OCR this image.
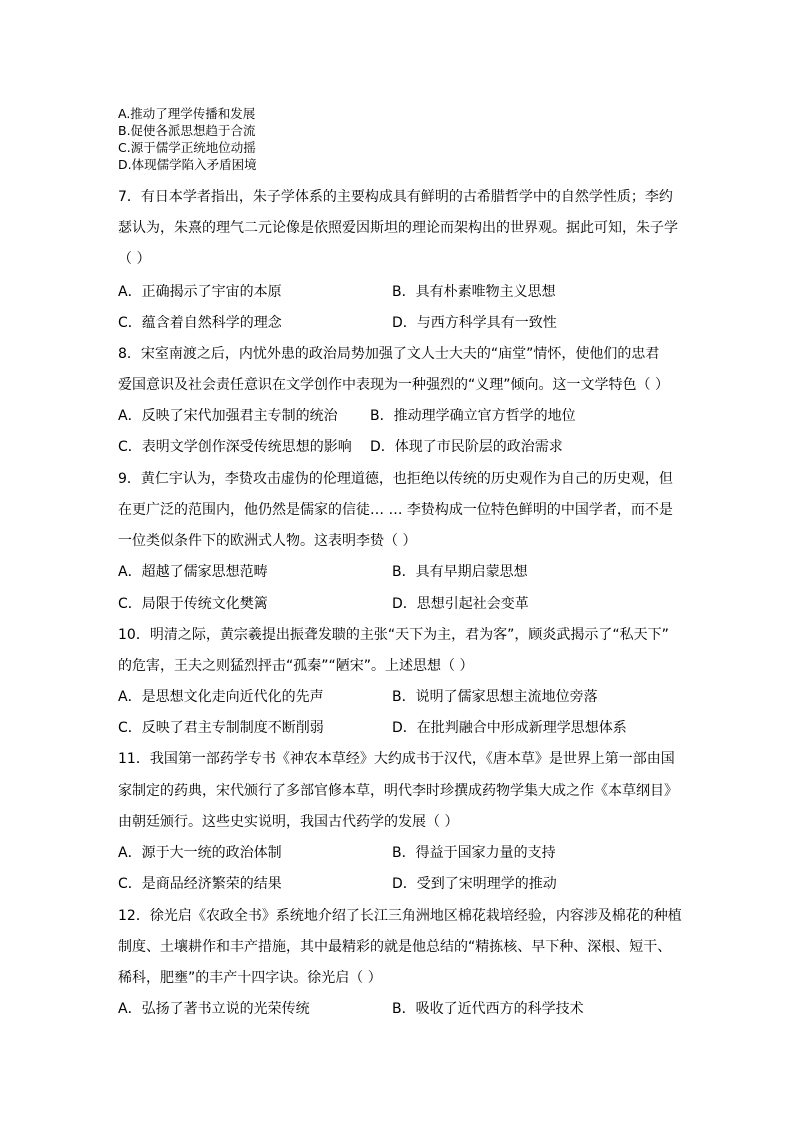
A.推动了理学传播和发展
B.促使各派思想趋于合流
C.源于儒学正统地位动摇
D.体现儒学陷入矛盾困境
7．有日本学者指出，朱子学体系的主要构成具有鲜明的古希腊哲学中的自然学性质；李约
瑟认为，朱熹的理气二元论像是依照爱因斯坦的理论而架构出的世界观。据此可知，朱子学
（ ）
A．正确揭示了宇宙的本原	B．具有朴素唯物主义思想
C．蕴含着自然科学的理念	D．与西方科学具有一致性
8．宋室南渡之后，内忧外患的政治局势加强了文人士大夫的“庙堂”情怀，使他们的忠君
爱国意识及社会责任意识在文学创作中表现为一种强烈的“义理”倾向。这一文学特色（ ）
A．反映了宋代加强君主专制的统治 B．推动理学确立官方哲学的地位
C．表明文学创作深受传统思想的影响 D．体现了市民阶层的政治需求
9．黄仁宇认为，李贽攻击虚伪的伦理道德，也拒绝以传统的历史观作为自己的历史观，但
在更广泛的范围内，他仍然是儒家的信徒… … 李贽构成一位特色鲜明的中国学者，而不是
一位类似条件下的欧洲式人物。这表明李贽（ ）
A．超越了儒家思想范畴	B．具有早期启蒙思想
C．局限于传统文化樊篱	D．思想引起社会变革
10．明清之际，黄宗羲提出振聋发聩的主张“天下为主，君为客”，顾炎武揭示了“私天下”
的危害，王夫之则猛烈抨击“孤秦”“陋宋”。上述思想（ ）
A．是思想文化走向近代化的先声	B．说明了儒家思想主流地位旁落
C．反映了君主专制制度不断削弱	D．在批判融合中形成新理学思想体系
11．我国第一部药学专书《神农本草经》大约成书于汉代，《唐本草》是世界上第一部由国
家制定的药典，宋代颁行了多部官修本草，明代李时珍撰成药物学集大成之作《本草纲目》
由朝廷颁行。这些史实说明，我国古代药学的发展（ ）
A．源于大一统的政治体制	B．得益于国家力量的支持
C．是商品经济繁荣的结果	D．受到了宋明理学的推动
12．徐光启《农政全书》系统地介绍了长江三角洲地区棉花栽培经验，内容涉及棉花的种植
制度、土壤耕作和丰产措施，其中最精彩的就是他总结的“精拣核、早下种、深根、短干、
稀科，肥壅”的丰产十四字诀。徐光启（ ）
A．弘扬了著书立说的光荣传统	B．吸收了近代西方的科学技术
